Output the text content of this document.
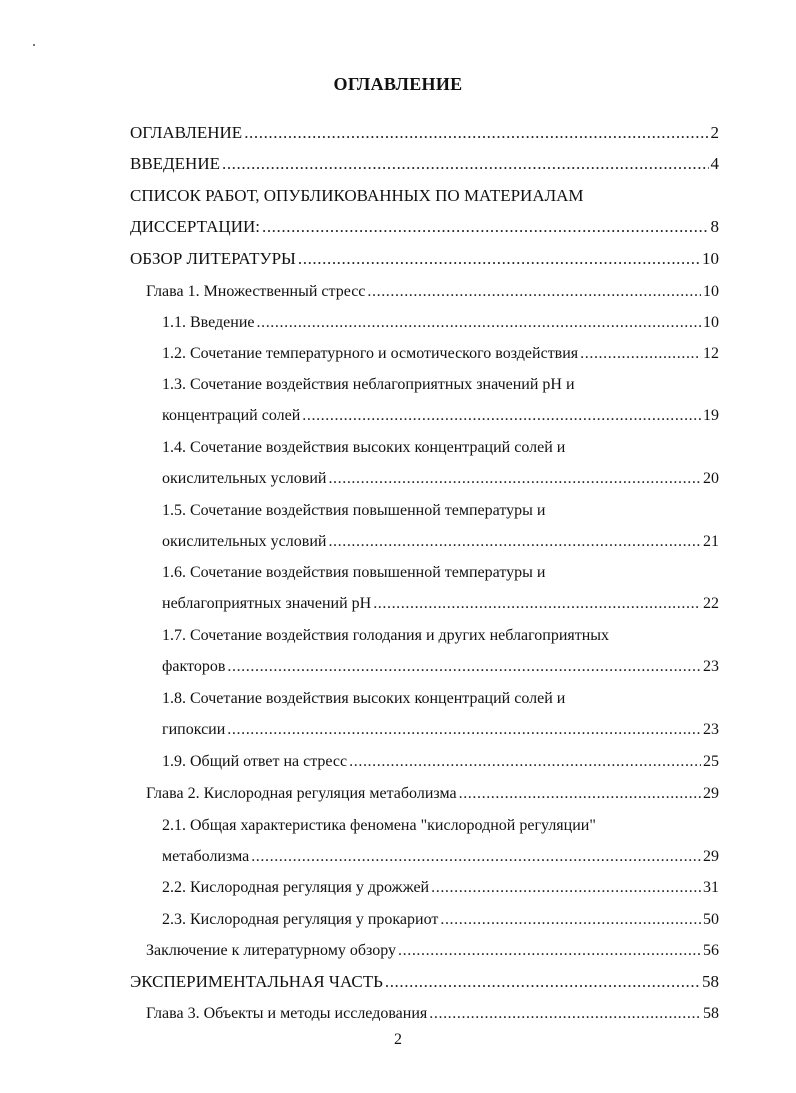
ОГЛАВЛЕНИЕ
ОГЛАВЛЕНИЕ .....	2
ВВЕДЕНИЕ .....	4
СПИСОК РАБОТ, ОПУБЛИКОВАННЫХ ПО МАТЕРИАЛАМ
ДИССЕРТАЦИИ: .....	8
ОБЗОР ЛИТЕРАТУРЫ .....	10
Глава 1. Множественный стресс .....	10
1.1. Введение .....	10
1.2. Сочетание температурного и осмотического воздействия .....	12
1.3. Сочетание воздействия неблагоприятных значений pH и
концентраций солей .....	19
1.4. Сочетание воздействия высоких концентраций солей и
окислительных условий .....	20
1.5. Сочетание воздействия повышенной температуры и
окислительных условий .....	21
1.6. Сочетание воздействия повышенной температуры и
неблагоприятных значений pH .....	22
1.7. Сочетание воздействия голодания и других неблагоприятных
факторов .....	23
1.8. Сочетание воздействия высоких концентраций солей и
гипоксии .....	23
1.9. Общий ответ на стресс .....	25
Глава 2. Кислородная регуляция метаболизма .....	29
2.1. Общая характеристика феномена "кислородной регуляции"
метаболизма .....	29
2.2. Кислородная регуляция у дрожжей .....	31
2.3. Кислородная регуляция у прокариот .....	50
Заключение к литературному обзору .....	56
ЭКСПЕРИМЕНТАЛЬНАЯ ЧАСТЬ .....	58
Глава 3. Объекты и методы исследования .....	58
2
